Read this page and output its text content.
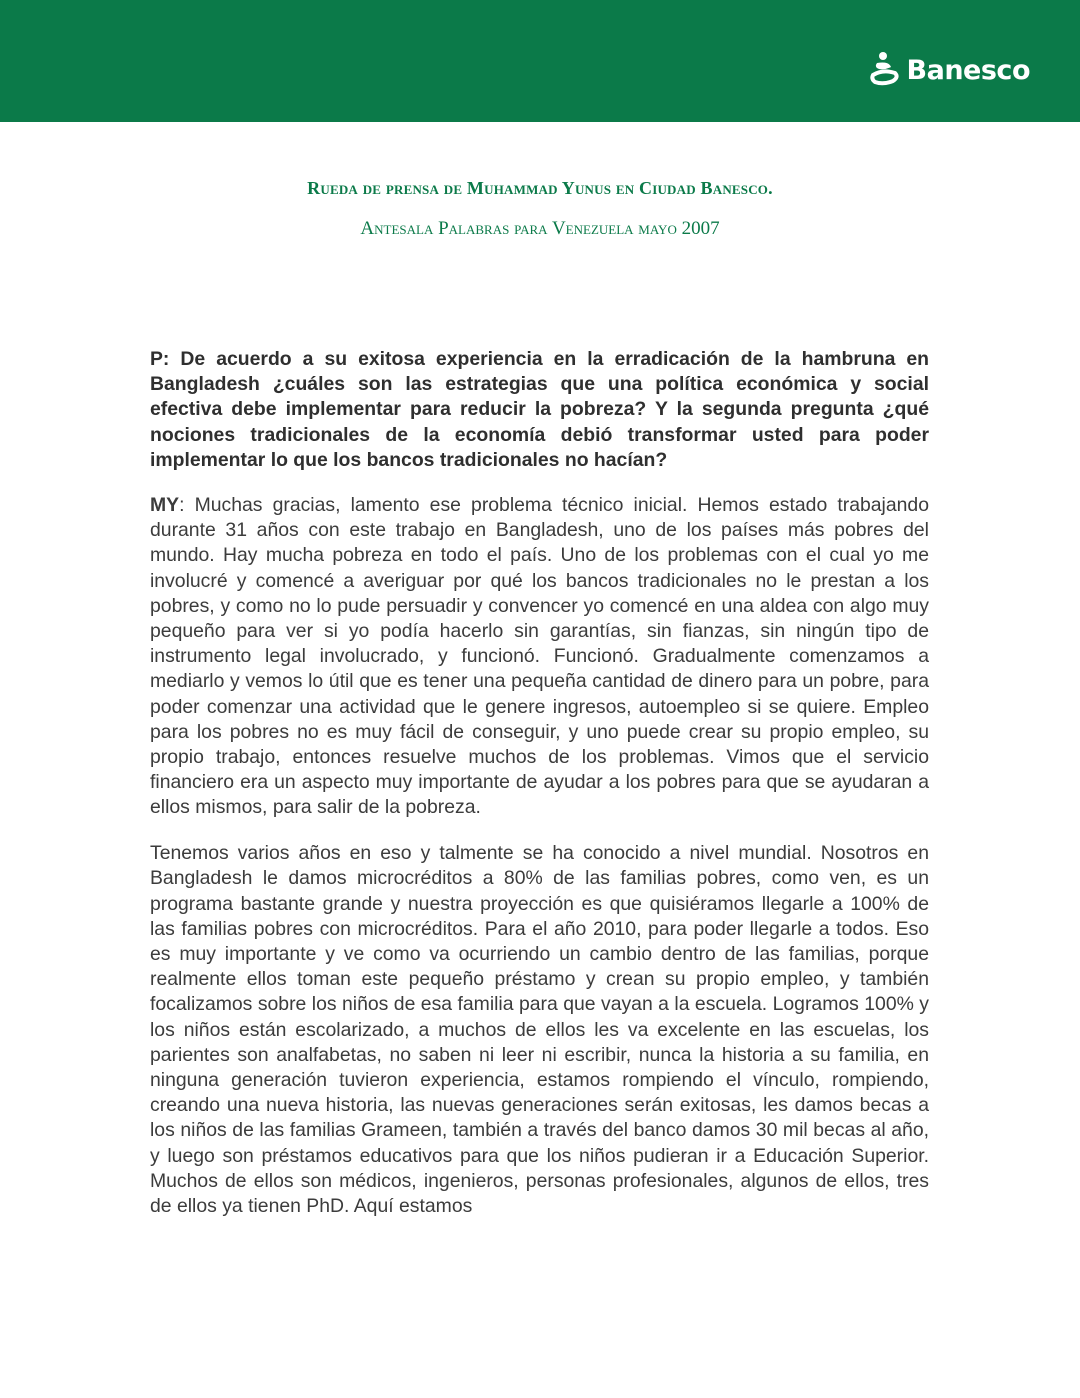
Banesco
Rueda de prensa de Muhammad Yunus en Ciudad Banesco.
Antesala Palabras para Venezuela mayo 2007

P: De acuerdo a su exitosa experiencia en la erradicación de la hambruna en Bangladesh ¿cuáles son las estrategias que una política económica y social efectiva debe implementar para reducir la pobreza? Y la segunda pregunta ¿qué nociones tradicionales de la economía debió transformar usted para poder implementar lo que los bancos tradicionales no hacían?

MY: Muchas gracias, lamento ese problema técnico inicial. Hemos estado trabajando durante 31 años con este trabajo en Bangladesh, uno de los países más pobres del mundo. Hay mucha pobreza en todo el país. Uno de los problemas con el cual yo me involucré y comencé a averiguar por qué los bancos tradicionales no le prestan a los pobres, y como no lo pude persuadir y convencer yo comencé en una aldea con algo muy pequeño para ver si yo podía hacerlo sin garantías, sin fianzas, sin ningún tipo de instrumento legal involucrado, y funcionó. Funcionó. Gradualmente comenzamos a mediarlo y vemos lo útil que es tener una pequeña cantidad de dinero para un pobre, para poder comenzar una actividad que le genere ingresos, autoempleo si se quiere. Empleo para los pobres no es muy fácil de conseguir, y uno puede crear su propio empleo, su propio trabajo, entonces resuelve muchos de los problemas. Vimos que el servicio financiero era un aspecto muy importante de ayudar a los pobres para que se ayudaran a ellos mismos, para salir de la pobreza.

Tenemos varios años en eso y talmente se ha conocido a nivel mundial. Nosotros en Bangladesh le damos microcréditos a 80% de las familias pobres, como ven, es un programa bastante grande y nuestra proyección es que quisiéramos llegarle a 100% de las familias pobres con microcréditos. Para el año 2010, para poder llegarle a todos. Eso es muy importante y ve como va ocurriendo un cambio dentro de las familias, porque realmente ellos toman este pequeño préstamo y crean su propio empleo, y también focalizamos sobre los niños de esa familia para que vayan a la escuela. Logramos 100% y los niños están escolarizado, a muchos de ellos les va excelente en las escuelas, los parientes son analfabetas, no saben ni leer ni escribir, nunca la historia a su familia, en ninguna generación tuvieron experiencia, estamos rompiendo el vínculo, rompiendo, creando una nueva historia, las nuevas generaciones serán exitosas, les damos becas a los niños de las familias Grameen, también a través del banco damos 30 mil becas al año, y luego son préstamos educativos para que los niños pudieran ir a Educación Superior. Muchos de ellos son médicos, ingenieros, personas profesionales, algunos de ellos, tres de ellos ya tienen PhD. Aquí estamos
